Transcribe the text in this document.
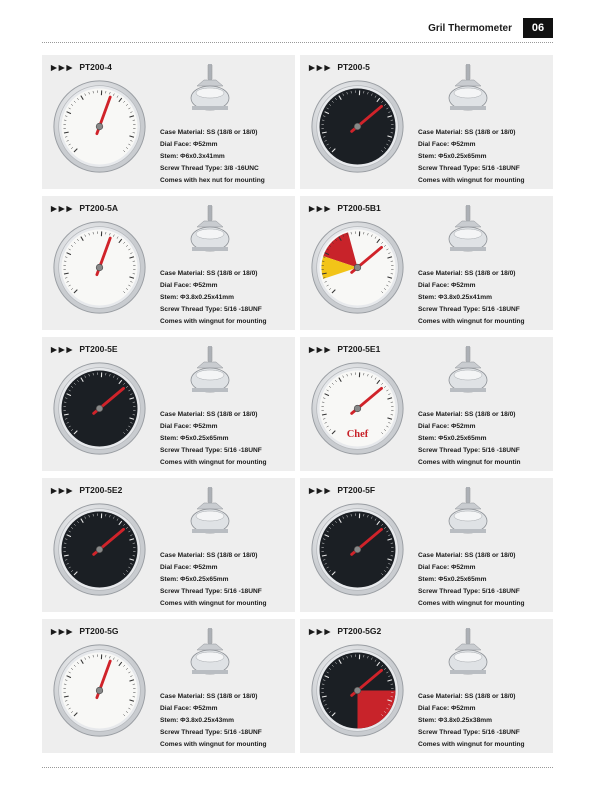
Gril Thermometer	06
▶▶▶ PT200-4
Case Material: SS (18/8 or 18/0)
Dial Face: Φ52mm
Stem: Φ6x0.3x41mm
Screw Thread Type: 3/8 -16UNC
Comes with hex nut for mounting
▶▶▶ PT200-5
Case Material: SS (18/8 or 18/0)
Dial Face: Φ52mm
Stem: Φ5x0.25x65mm
Screw Thread Type: 5/16 -18UNF
Comes with wingnut for mounting
▶▶▶ PT200-5A
Case Material: SS (18/8 or 18/0)
Dial Face: Φ52mm
Stem: Φ3.8x0.25x41mm
Screw Thread Type: 5/16 -18UNF
Comes with wingnut for mounting
▶▶▶ PT200-5B1
Case Material: SS (18/8 or 18/0)
Dial Face: Φ52mm
Stem: Φ3.8x0.25x41mm
Screw Thread Type: 5/16 -18UNF
Comes with wingnut for mounting
▶▶▶ PT200-5E
Case Material: SS (18/8 or 18/0)
Dial Face: Φ52mm
Stem: Φ5x0.25x65mm
Screw Thread Type: 5/16 -18UNF
Comes with wingnut for mounting
▶▶▶ PT200-5E1
Chef
Case Material: SS (18/8 or 18/0)
Dial Face: Φ52mm
Stem: Φ5x0.25x65mm
Screw Thread Type: 5/16 -18UNF
Comes with wingnut for mountin
▶▶▶ PT200-5E2
Case Material: SS (18/8 or 18/0)
Dial Face: Φ52mm
Stem: Φ5x0.25x65mm
Screw Thread Type: 5/16 -18UNF
Comes with wingnut for mounting
▶▶▶ PT200-5F
Case Material: SS (18/8 or 18/0)
Dial Face: Φ52mm
Stem: Φ5x0.25x65mm
Screw Thread Type: 5/16 -18UNF
Comes with wingnut for mounting
▶▶▶ PT200-5G
Case Material: SS (18/8 or 18/0)
Dial Face: Φ52mm
Stem: Φ3.8x0.25x43mm
Screw Thread Type: 5/16 -18UNF
Comes with wingnut for mounting
▶▶▶ PT200-5G2
Case Material: SS (18/8 or 18/0)
Dial Face: Φ52mm
Stem: Φ3.8x0.25x38mm
Screw Thread Type: 5/16 -18UNF
Comes with wingnut for mounting
